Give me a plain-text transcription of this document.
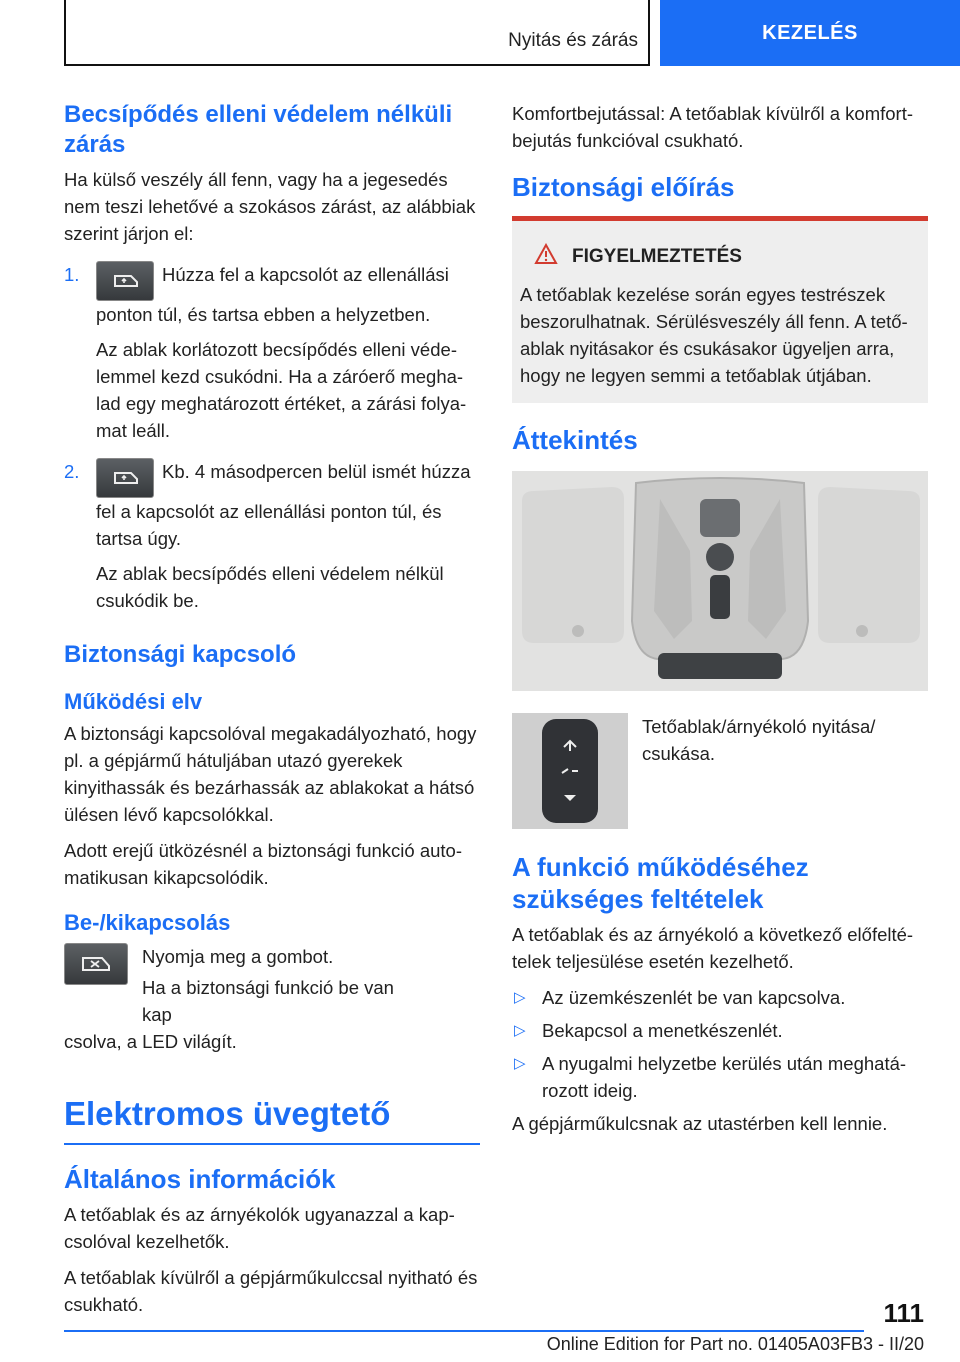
Nyitás és zárás	KEZELÉS
Becsípődés elleni védelem nélküli zárás

Ha külső veszély áll fenn, vagy ha a jegesedés nem teszi lehetővé a szokásos zárást, az alábbiak szerint járjon el:

1.	Húzza fel a kapcsolót az ellenállási ponton túl, és tartsa ebben a helyzetben.

Az ablak korlátozott becsípődés elleni védelemmel kezd csukódni. Ha a záróerő meghalad egy meghatározott értéket, a zárási folyamat leáll.

2.	Kb. 4 másodpercen belül ismét húzza fel a kapcsolót az ellenállási ponton túl, és tartsa úgy.

Az ablak becsípődés elleni védelem nélkül csukódik be.

Biztonsági kapcsoló
Működési elv

A biztonsági kapcsolóval megakadályozható, hogy pl. a gépjármű hátuljában utazó gyerekek kinyithassák és bezárhassák az ablakokat a hátsó ülésen lévő kapcsolókkal.

Adott erejű ütközésnél a biztonsági funkció automatikusan kikapcsolódik.

Be-/kikapcsolás

Nyomja meg a gombot.

Ha a biztonsági funkció be van kap

csolva, a LED világít.

Elektromos üvegtető
Általános információk

A tetőablak és az árnyékolók ugyanazzal a kapcsolóval kezelhetők.

A tetőablak kívülről a gépjárműkulccsal nyitható és csukható.

Komfortbejutással: A tetőablak kívülről a komfortbejutás funkcióval csukható.

Biztonsági előírás
FIGYELMEZTETÉS

A tetőablak kezelése során egyes testrészek beszorulhatnak. Sérülésveszély áll fenn. A tetőablak nyitásakor és csukásakor ügyeljen arra, hogy ne legyen semmi a tetőablak útjában.

Áttekintés

Tetőablak/árnyékoló nyitása/ csukása.

A funkció működéséhez szükséges feltételek

A tetőablak és az árnyékoló a következő előfeltételek teljesülése esetén kezelhető.

▷ Az üzemkészenlét be van kapcsolva.

▷ Bekapcsol a menetkészenlét.

▷ A nyugalmi helyzetbe kerülés után meghatározott ideig.

A gépjárműkulcsnak az utastérben kell lennie.

111
Online Edition for Part no. 01405A03FB3 - II/20
